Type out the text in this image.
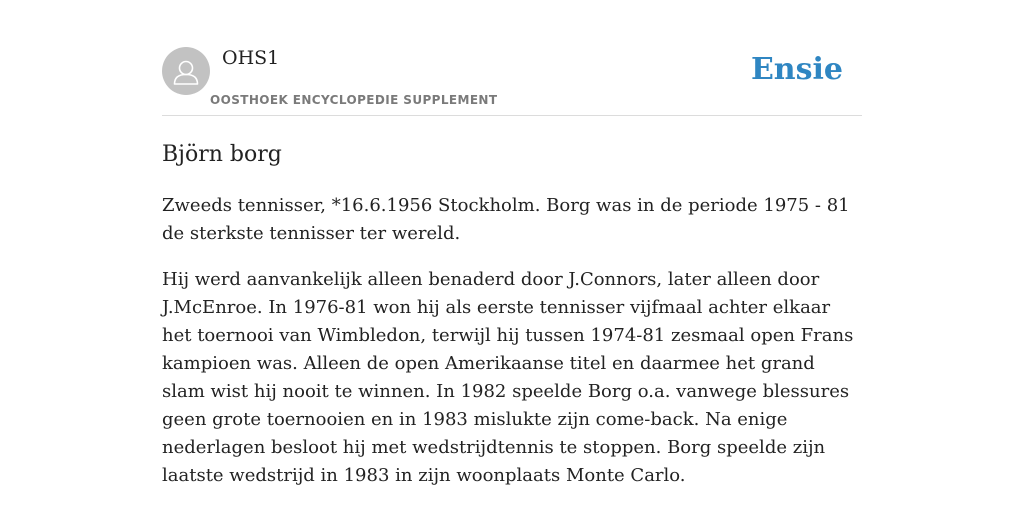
OHS1
OOSTHOEK ENCYCLOPEDIE SUPPLEMENT
Ensie
Björn borg

Zweeds tennisser, *16.6.1956 Stockholm. Borg was in de periode 1975 - 81 de sterkste tennisser ter wereld.

Hij werd aanvankelijk alleen benaderd door J.Connors, later alleen door J.McEnroe. In 1976-81 won hij als eerste tennisser vijfmaal achter elkaar het toernooi van Wimbledon, terwijl hij tussen 1974-81 zesmaal open Frans kampioen was. Alleen de open Amerikaanse titel en daarmee het grand slam wist hij nooit te winnen. In 1982 speelde Borg o.a. vanwege blessures geen grote toernooien en in 1983 mislukte zijn come-back. Na enige nederlagen besloot hij met wedstrijdtennis te stoppen. Borg speelde zijn laatste wedstrijd in 1983 in zijn woonplaats Monte Carlo.
